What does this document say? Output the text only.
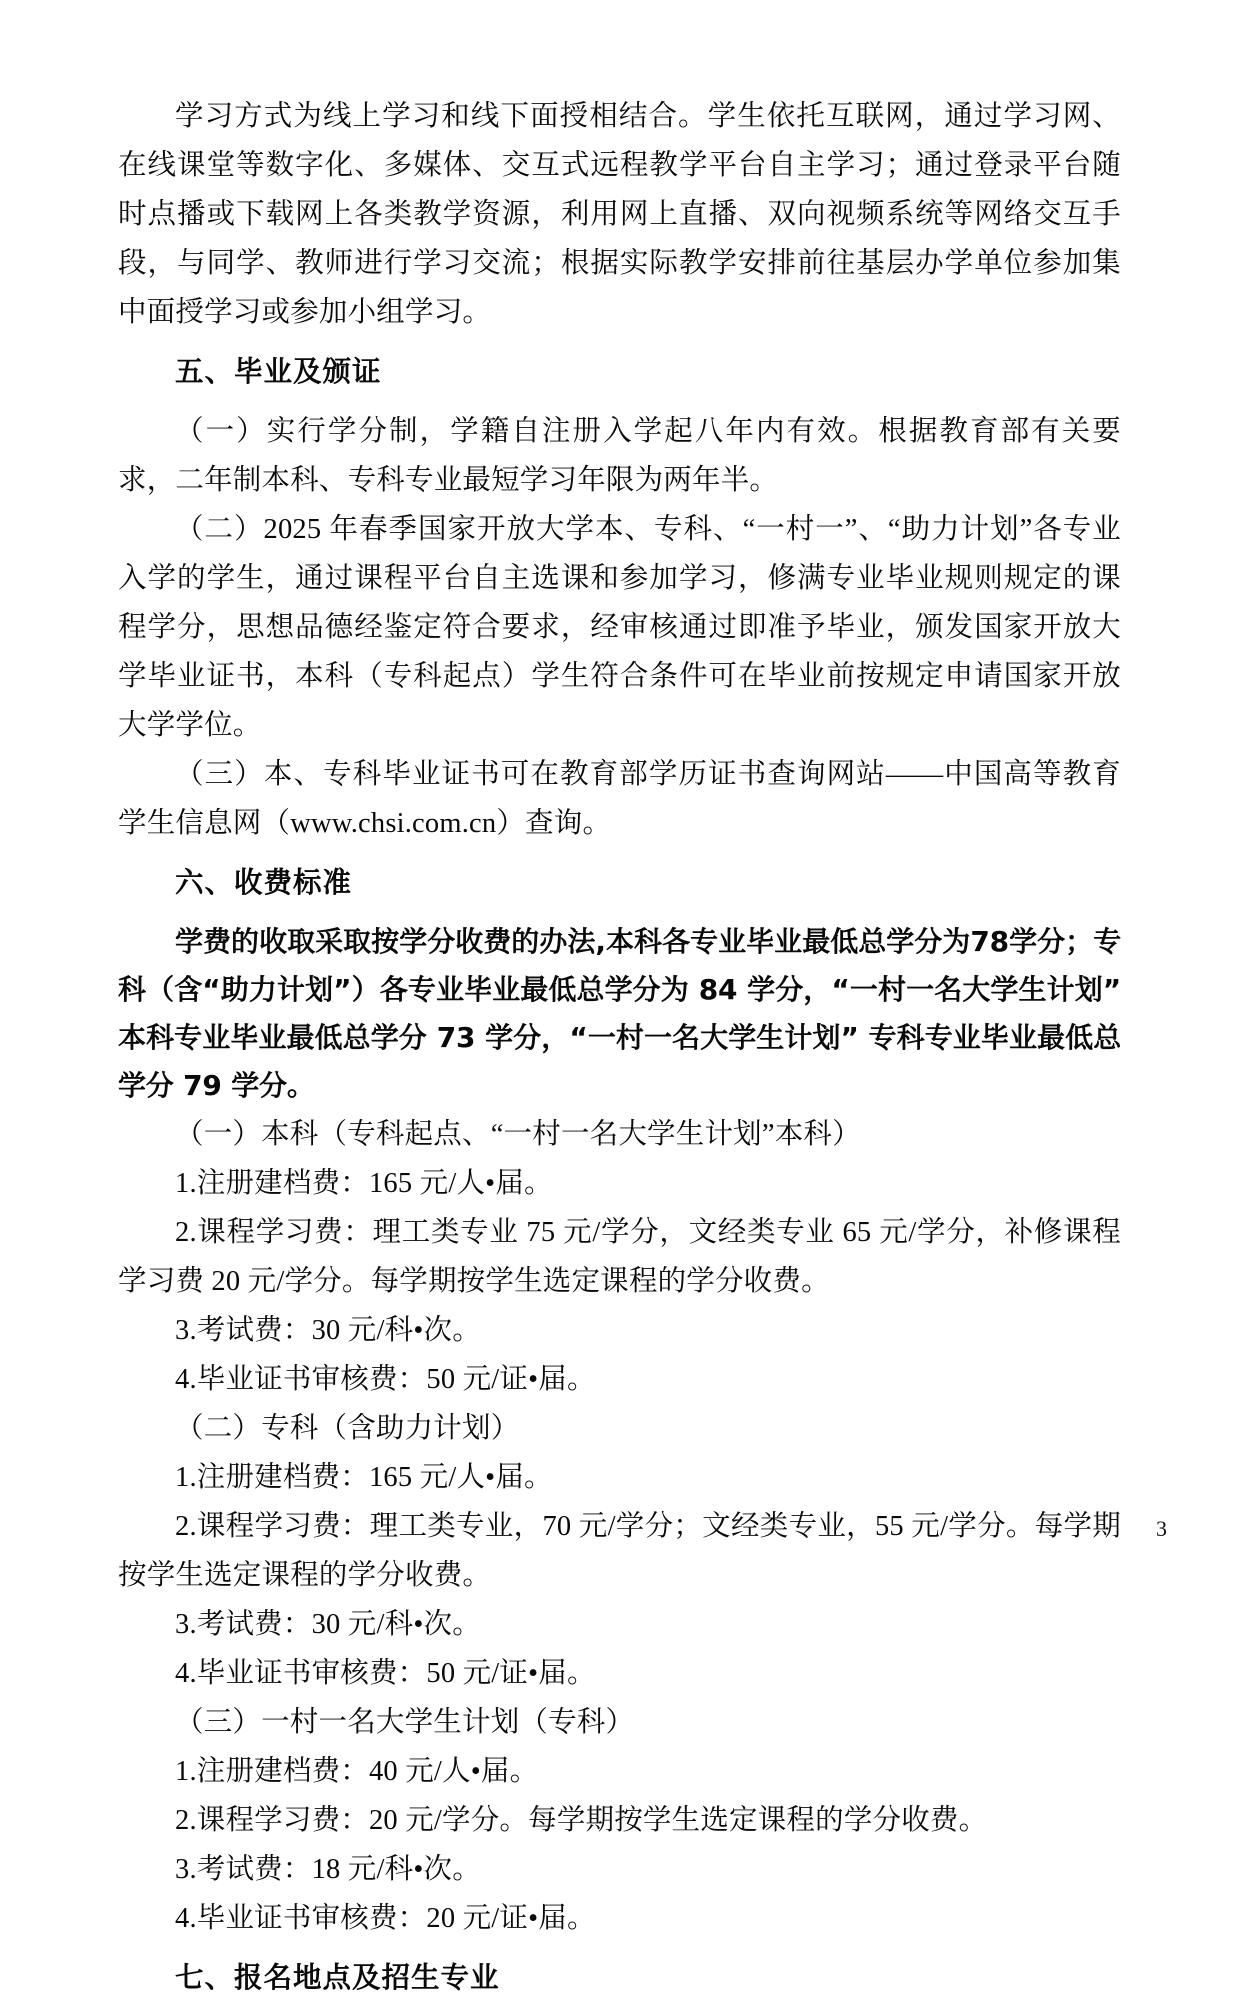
学习方式为线上学习和线下面授相结合。学生依托互联网，通过学习网、在线课堂等数字化、多媒体、交互式远程教学平台自主学习；通过登录平台随时点播或下载网上各类教学资源，利用网上直播、双向视频系统等网络交互手段，与同学、教师进行学习交流；根据实际教学安排前往基层办学单位参加集中面授学习或参加小组学习。

五、毕业及颁证

（一）实行学分制，学籍自注册入学起八年内有效。根据教育部有关要求，二年制本科、专科专业最短学习年限为两年半。

（二）2025 年春季国家开放大学本、专科、“一村一”、“助力计划”各专业入学的学生，通过课程平台自主选课和参加学习，修满专业毕业规则规定的课程学分，思想品德经鉴定符合要求，经审核通过即准予毕业，颁发国家开放大学毕业证书，本科（专科起点）学生符合条件可在毕业前按规定申请国家开放大学学位。

（三）本、专科毕业证书可在教育部学历证书查询网站——中国高等教育学生信息网（www.chsi.com.cn）查询。

六、收费标准

学费的收取采取按学分收费的办法,本科各专业毕业最低总学分为78学分；专科（含“助力计划”）各专业毕业最低总学分为 84 学分，“一村一名大学生计划” 本科专业毕业最低总学分 73 学分，“一村一名大学生计划” 专科专业毕业最低总学分 79 学分。

（一）本科（专科起点、“一村一名大学生计划”本科）

1.注册建档费：165 元/人•届。

2.课程学习费：理工类专业 75 元/学分，文经类专业 65 元/学分，补修课程学习费 20 元/学分。每学期按学生选定课程的学分收费。

3.考试费：30 元/科•次。

4.毕业证书审核费：50 元/证•届。

（二）专科（含助力计划）

1.注册建档费：165 元/人•届。

2.课程学习费：理工类专业，70 元/学分；文经类专业，55 元/学分。每学期按学生选定课程的学分收费。

3.考试费：30 元/科•次。

4.毕业证书审核费：50 元/证•届。

（三）一村一名大学生计划（专科）

1.注册建档费：40 元/人•届。

2.课程学习费：20 元/学分。每学期按学生选定课程的学分收费。

3.考试费：18 元/科•次。

4.毕业证书审核费：20 元/证•届。

七、报名地点及招生专业
3
